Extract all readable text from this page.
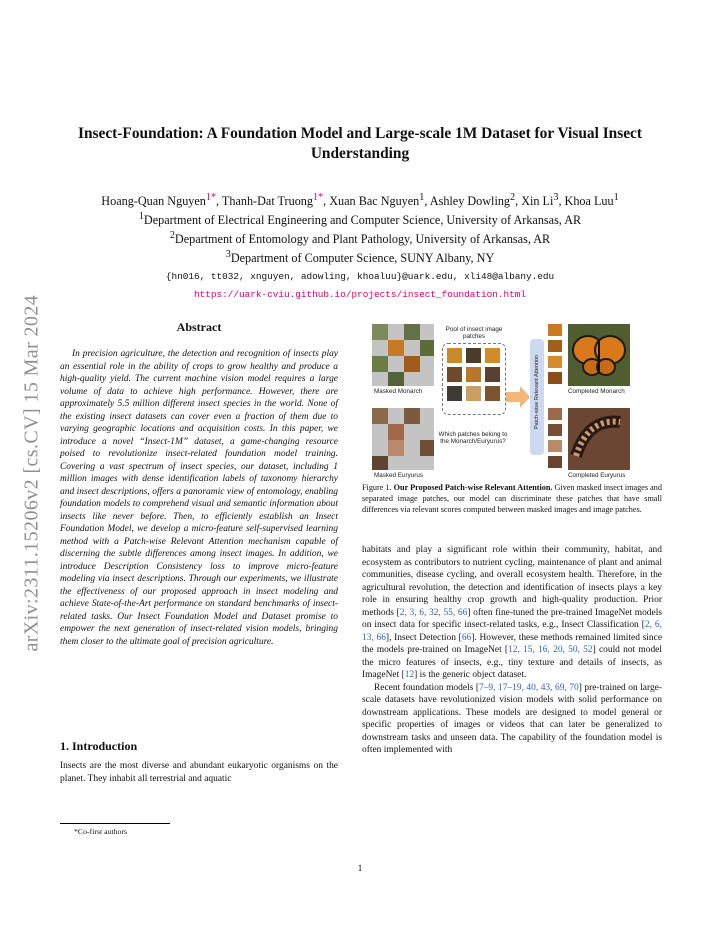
arXiv:2311.15206v2 [cs.CV] 15 Mar 2024
Insect-Foundation: A Foundation Model and Large-scale 1M Dataset for Visual Insect Understanding
Hoang-Quan Nguyen$^{1*}$, Thanh-Dat Truong$^{1*}$, Xuan Bac Nguyen$^1$, Ashley Dowling$^2$, Xin Li$^3$, Khoa Luu$^1$
$^1$Department of Electrical Engineering and Computer Science, University of Arkansas, AR
$^2$Department of Entomology and Plant Pathology, University of Arkansas, AR
$^3$Department of Computer Science, SUNY Albany, NY
{hn016, tt032, xnguyen, adowling, khoaluu}@uark.edu, xli48@albany.edu
https://uark-cviu.github.io/projects/insect_foundation.html
Abstract
In precision agriculture, the detection and recognition of insects play an essential role in the ability of crops to grow healthy and produce a high-quality yield. The current machine vision model requires a large volume of data to achieve high performance. However, there are approximately 5.5 million different insect species in the world. None of the existing insect datasets can cover even a fraction of them due to varying geographic locations and acquisition costs. In this paper, we introduce a novel “Insect-1M” dataset, a game-changing resource poised to revolutionize insect-related foundation model training. Covering a vast spectrum of insect species, our dataset, including 1 million images with dense identification labels of taxonomy hierarchy and insect descriptions, offers a panoramic view of entomology, enabling foundation models to comprehend visual and semantic information about insects like never before. Then, to efficiently establish an Insect Foundation Model, we develop a micro-feature self-supervised learning method with a Patch-wise Relevant Attention mechanism capable of discerning the subtle differences among insect images. In addition, we introduce Description Consistency loss to improve micro-feature modeling via insect descriptions. Through our experiments, we illustrate the effectiveness of our proposed approach in insect modeling and achieve State-of-the-Art performance on standard benchmarks of insect-related tasks. Our Insect Foundation Model and Dataset promise to empower the next generation of insect-related vision models, bringing them closer to the ultimate goal of precision agriculture.
1. Introduction
Insects are the most diverse and abundant eukaryotic organisms on the planet. They inhabit all terrestrial and aquatic
*Co-first authors
Masked Monarch
Pool of insect image patches
Which patches belong to the Monarch/Euryurus?
Masked Euryurus
Patch-wise Relevant Attention	Completed Monarch
Completed Euryurus
Figure 1. Our Proposed Patch-wise Relevant Attention. Given masked insect images and separated image patches, our model can discriminate these patches that have small differences via relevant scores computed between masked images and image patches.
habitats and play a significant role within their community, habitat, and ecosystem as contributors to nutrient cycling, maintenance of plant and animal communities, disease cycling, and overall ecosystem health. Therefore, in the agricultural revolution, the detection and identification of insects plays a key role in ensuring healthy crop growth and high-quality production. Prior methods [2, 3, 6, 32, 55, 66] often fine-tuned the pre-trained ImageNet models on insect data for specific insect-related tasks, e.g., Insect Classification [2, 6, 13, 66], Insect Detection [66]. However, these methods remained limited since the models pre-trained on ImageNet [12, 15, 16, 20, 50, 52] could not model the micro features of insects, e.g., tiny texture and details of insects, as ImageNet [12] is the generic object dataset.
Recent foundation models [7–9, 17–19, 40, 43, 69, 70] pre-trained on large-scale datasets have revolutionized vision models with solid performance on downstream applications. These models are designed to model general or specific properties of images or videos that can later be generalized to downstream tasks and unseen data. The capability of the foundation model is often implemented with
1
